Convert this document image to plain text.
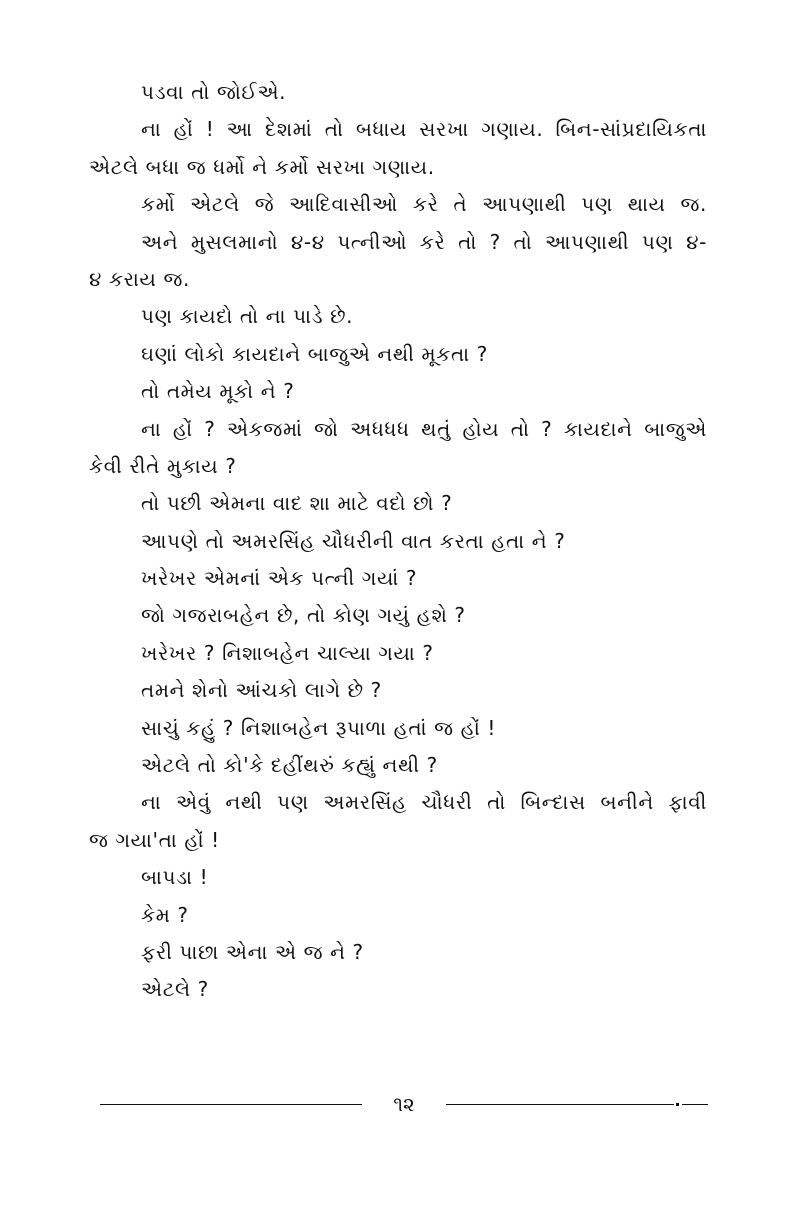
પડવા તો જોઈએ.
ના હોં ! આ દેશમાં તો બધાય સરખા ગણાય. બિન-સાંપ્રદાયિકતા
એટલે બધા જ ધર્મો ને કર્મો સરખા ગણાય.
કર્મો એટલે જે આદિવાસીઓ કરે તે આપણાથી પણ થાય જ.
અને મુસલમાનો ૪-૪ પત્નીઓ કરે તો ? તો આપણાથી પણ ૪-
૪ કરાય જ.
પણ કાયદો તો ના પાડે છે.
ઘણાં લોકો કાયદાને બાજુએ નથી મૂકતા ?
તો તમેય મૂકો ને ?
ના હોં ? એકજમાં જો અધધધ થતું હોય તો ? કાયદાને બાજુએ
કેવી રીતે મુકાય ?
તો પછી એમના વાદ શા માટે વદો છો ?
આપણે તો અમરસિંહ ચૌધરીની વાત કરતા હતા ને ?
ખરેખર એમનાં એક પત્ની ગયાં ?
જો ગજરાબહેન છે, તો કોણ ગયું હશે ?
ખરેખર ? નિશાબહેન ચાલ્યા ગયા ?
તમને શેનો આંચકો લાગે છે ?
સાચું કહું ? નિશાબહેન રૂપાળા હતાં જ હોં !
એટલે તો કો'કે દહીંથરું કહ્યું નથી ?
ના એવું નથી પણ અમરસિંહ ચૌધરી તો બિન્દાસ બનીને ફાવી
જ ગયા'તા હોં !
બાપડા !
કેમ ?
ફરી પાછા એના એ જ ને ?
એટલે ?
૧૨
